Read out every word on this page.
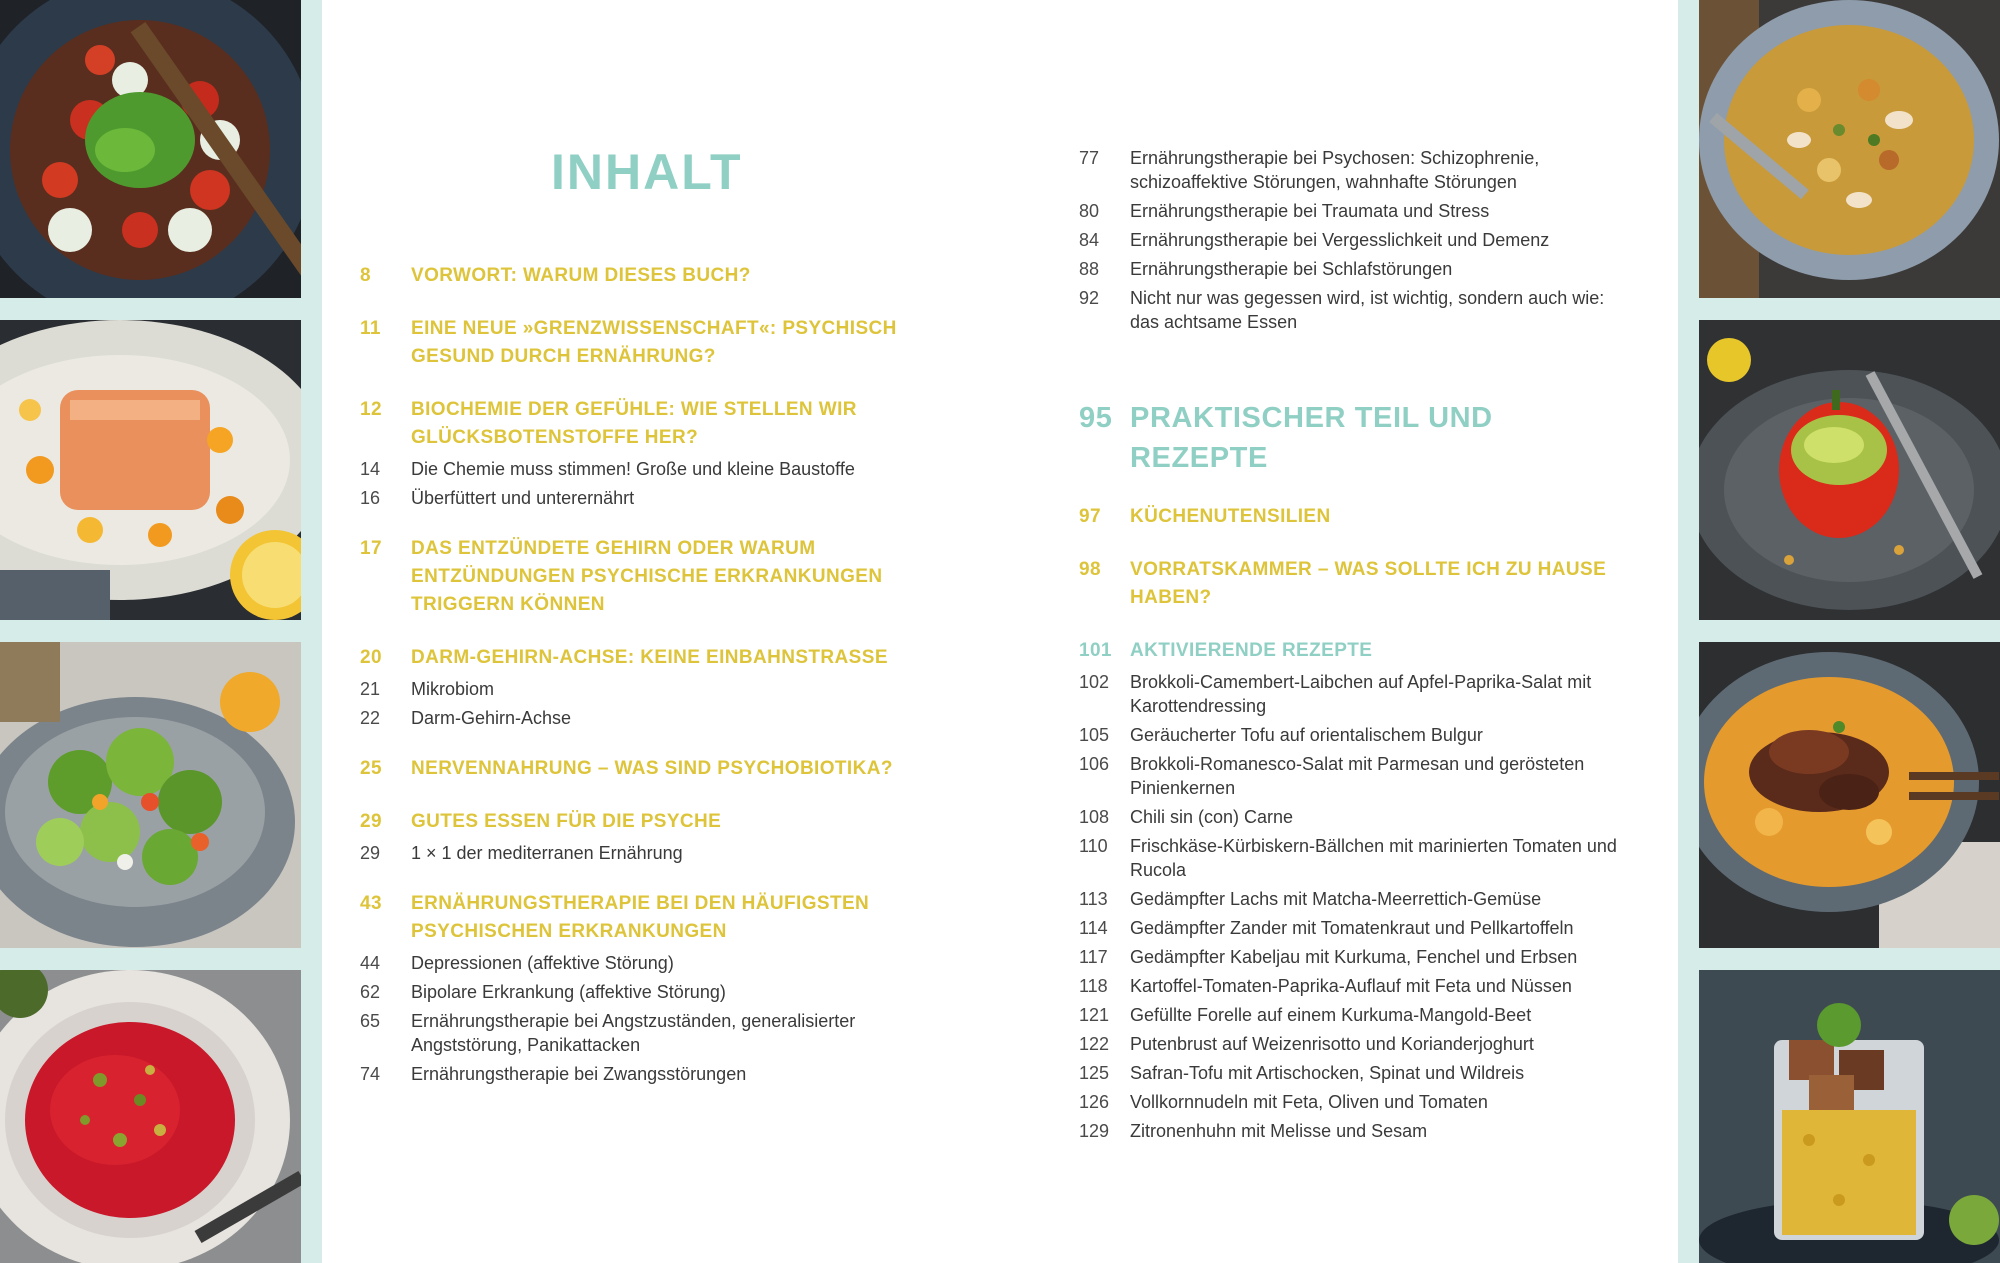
INHALT
8	VORWORT: WARUM DIESES BUCH?
11	EINE NEUE »GRENZWISSENSCHAFT«: PSYCHISCH GESUND DURCH ERNÄHRUNG?
12	BIOCHEMIE DER GEFÜHLE: WIE STELLEN WIR GLÜCKSBOTENSTOFFE HER?
14	Die Chemie muss stimmen! Große und kleine Baustoffe
16	Überfüttert und unterernährt
17	DAS ENTZÜNDETE GEHIRN ODER WARUM ENTZÜNDUNGEN PSYCHISCHE ERKRANKUNGEN TRIGGERN KÖNNEN
20	DARM-GEHIRN-ACHSE: KEINE EINBAHNSTRASSE
21	Mikrobiom
22	Darm-Gehirn-Achse
25	NERVENNAHRUNG – WAS SIND PSYCHOBIOTIKA?
29	GUTES ESSEN FÜR DIE PSYCHE
29	1 × 1 der mediterranen Ernährung
43	ERNÄHRUNGSTHERAPIE BEI DEN HÄUFIGSTEN PSYCHISCHEN ERKRANKUNGEN
44	Depressionen (affektive Störung)
62	Bipolare Erkrankung (affektive Störung)
65	Ernährungstherapie bei Angstzuständen, generalisierter Angststörung, Panikattacken
74	Ernährungstherapie bei Zwangsstörungen
77	Ernährungstherapie bei Psychosen: Schizophrenie, schizoaffektive Störungen, wahnhafte Störungen
80	Ernährungstherapie bei Traumata und Stress
84	Ernährungstherapie bei Vergesslichkeit und Demenz
88	Ernährungstherapie bei Schlafstörungen
92	Nicht nur was gegessen wird, ist wichtig, sondern auch wie: das achtsame Essen
95 PRAKTISCHER TEIL UND REZEPTE
97	KÜCHENUTENSILIEN
98	VORRATSKAMMER – WAS SOLLTE ICH ZU HAUSE HABEN?
101 AKTIVIERENDE REZEPTE
102	Brokkoli-Camembert-Laibchen auf Apfel-Paprika-Salat mit Karottendressing
105	Geräucherter Tofu auf orientalischem Bulgur
106	Brokkoli-Romanesco-Salat mit Parmesan und gerösteten Pinienkernen
108	Chili sin (con) Carne
110	Frischkäse-Kürbiskern-Bällchen mit marinierten Tomaten und Rucola
113	Gedämpfter Lachs mit Matcha-Meerrettich-Gemüse
114	Gedämpfter Zander mit Tomatenkraut und Pellkartoffeln
117	Gedämpfter Kabeljau mit Kurkuma, Fenchel und Erbsen
118	Kartoffel-Tomaten-Paprika-Auflauf mit Feta und Nüssen
121	Gefüllte Forelle auf einem Kurkuma-Mangold-Beet
122	Putenbrust auf Weizenrisotto und Korianderjoghurt
125	Safran-Tofu mit Artischocken, Spinat und Wildreis
126	Vollkornnudeln mit Feta, Oliven und Tomaten
129	Zitronenhuhn mit Melisse und Sesam
